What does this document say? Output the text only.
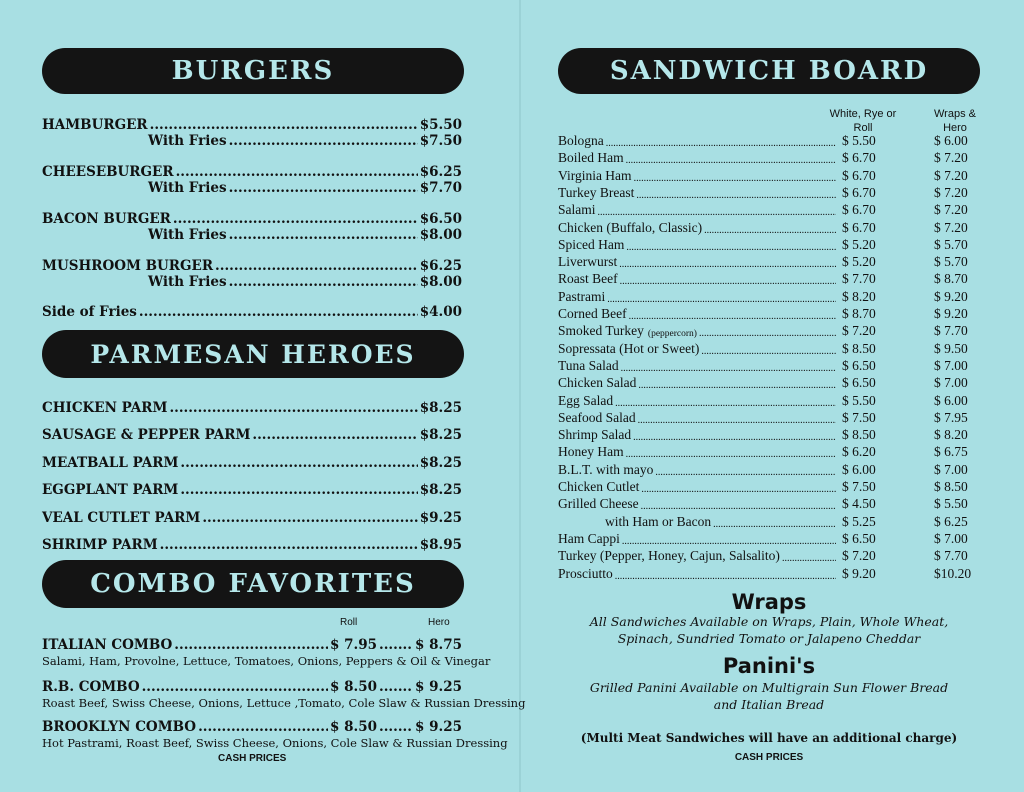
BURGERS
HAMBURGER .....	$5.50
With Fries .....	$7.50
CHEESEBURGER .....	$6.25
With Fries .....	$7.70
BACON BURGER .....	$6.50
With Fries .....	$8.00
MUSHROOM BURGER .....	$6.25
With Fries .....	$8.00
Side of Fries .....	$4.00
PARMESAN HEROES
CHICKEN PARM .....	$8.25
SAUSAGE & PEPPER PARM .....	$8.25
MEATBALL PARM .....	$8.25
EGGPLANT PARM .....	$8.25
VEAL CUTLET PARM .....	$9.25
SHRIMP PARM .....	$8.95
COMBO FAVORITES
Roll	Hero
ITALIAN COMBO .....	$ 7.95 .....	$ 8.75
Salami, Ham, Provolne, Lettuce, Tomatoes, Onions, Peppers & Oil & Vinegar
R.B. COMBO .....	$ 8.50 .....	$ 9.25
Roast Beef, Swiss Cheese, Onions, Lettuce ,Tomato, Cole Slaw & Russian Dressing
BROOKLYN COMBO .....	$ 8.50 .....	$ 9.25
Hot Pastrami, Roast Beef, Swiss Cheese, Onions, Cole Slaw & Russian Dressing
CASH PRICES
SANDWICH BOARD
White, Rye or Roll
Wraps & Hero
Bologna .....	$ 5.50	$ 6.00
Boiled Ham .....	$ 6.70	$ 7.20
Virginia Ham .....	$ 6.70	$ 7.20
Turkey Breast .....	$ 6.70	$ 7.20
Salami .....	$ 6.70	$ 7.20
Chicken (Buffalo, Classic) .....	$ 6.70	$ 7.20
Spiced Ham .....	$ 5.20	$ 5.70
Liverwurst .....	$ 5.20	$ 5.70
Roast Beef .....	$ 7.70	$ 8.70
Pastrami .....	$ 8.20	$ 9.20
Corned Beef .....	$ 8.70	$ 9.20
Smoked Turkey (peppercorn) .....	$ 7.20	$ 7.70
Sopressata (Hot or Sweet) .....	$ 8.50	$ 9.50
Tuna Salad .....	$ 6.50	$ 7.00
Chicken Salad .....	$ 6.50	$ 7.00
Egg Salad .....	$ 5.50	$ 6.00
Seafood Salad .....	$ 7.50	$ 7.95
Shrimp Salad .....	$ 8.50	$ 8.20
Honey Ham .....	$ 6.20	$ 6.75
B.L.T. with mayo .....	$ 6.00	$ 7.00
Chicken Cutlet .....	$ 7.50	$ 8.50
Grilled Cheese .....	$ 4.50	$ 5.50
with Ham or Bacon .....	$ 5.25	$ 6.25
Ham Cappi .....	$ 6.50	$ 7.00
Turkey (Pepper, Honey, Cajun, Salsalito) .....	$ 7.20	$ 7.70
Prosciutto .....	$ 9.20	$10.20
Wraps
All Sandwiches Available on Wraps, Plain, Whole Wheat,
Spinach, Sundried Tomato or Jalapeno Cheddar
Panini's
Grilled Panini Available on Multigrain Sun Flower Bread
and Italian Bread
(Multi Meat Sandwiches will have an additional charge)
CASH PRICES
